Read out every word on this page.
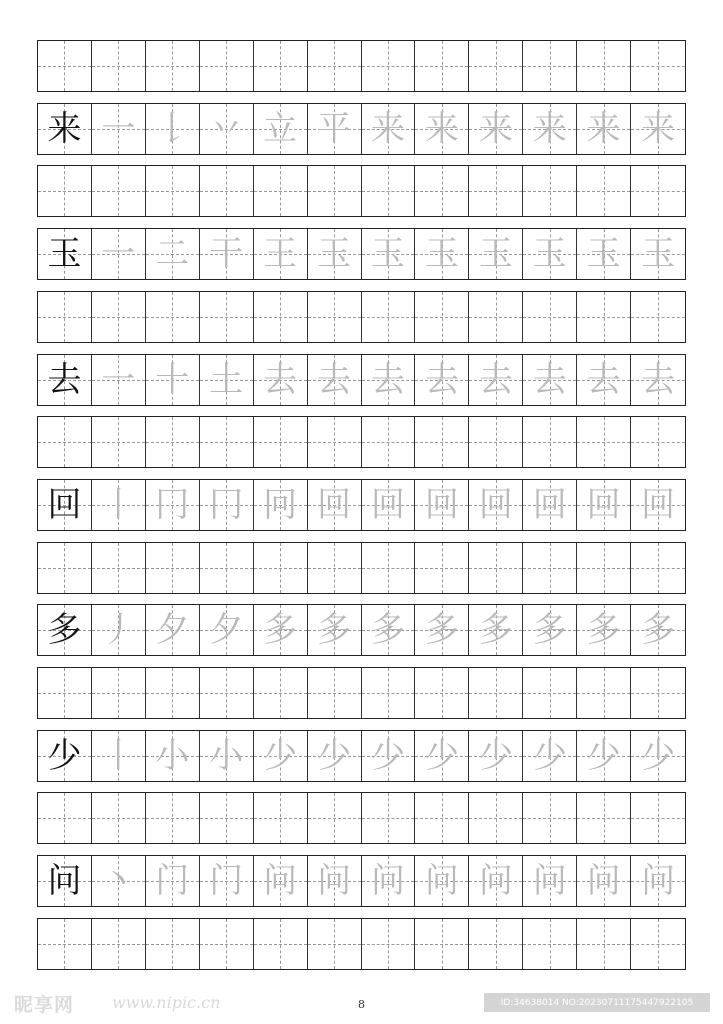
来 一 𠄌 丷 立 平 来 来 来 来 来 来
玉 一 二 干 王 玉 玉 玉 玉 玉 玉 玉
去 一 十 土 去 去 去 去 去 去 去 去
回 丨 冂 冂 冋 回 回 回 回 回 回 回
多 丿 夕 夕 多 多 多 多 多 多 多 多
少 丨 小 小 少 少 少 少 少 少 少 少
问 丶 门 门 问 问 问 问 问 问 问 问
昵享网 www.nipic.cn	8	ID:34638014 NO:20230711175447922105
